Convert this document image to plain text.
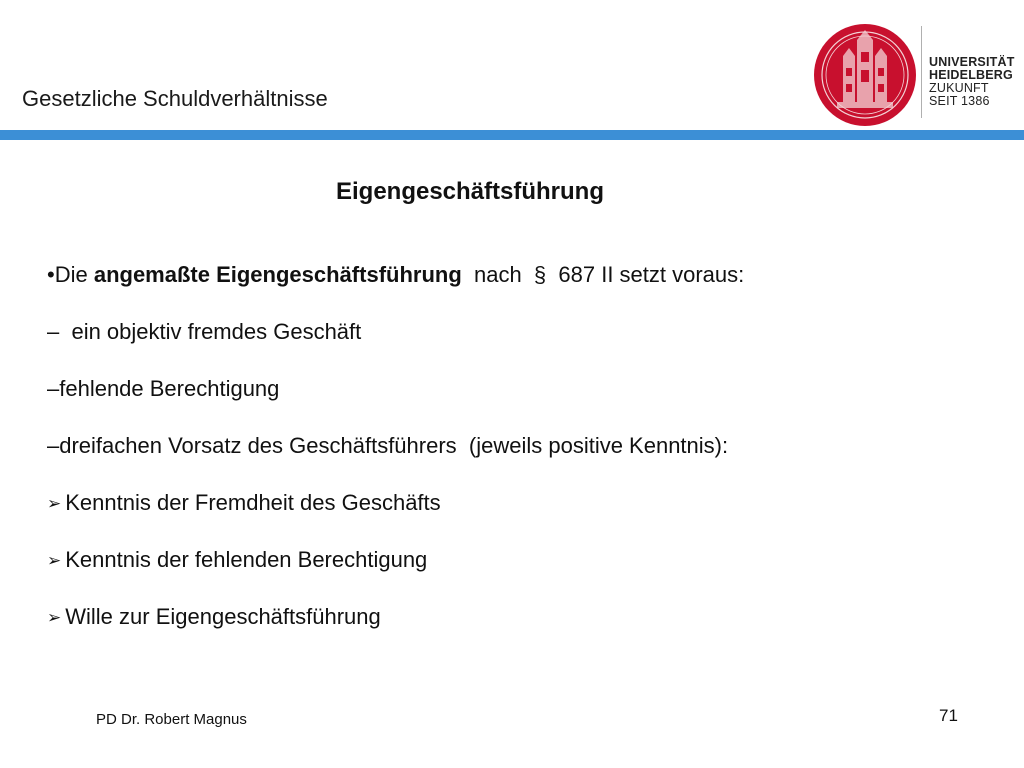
Gesetzliche Schuldverhältnisse
UNIVERSITÄT
HEIDELBERG
ZUKUNFT
SEIT 1386
Eigengeschäftsführung
•Die angemaßte Eigengeschäftsführung  nach  §  687 II setzt voraus:
–  ein objektiv fremdes Geschäft
–fehlende Berechtigung
–dreifachen Vorsatz des Geschäftsführers  (jeweils positive Kenntnis):
➢ Kenntnis der Fremdheit des Geschäfts
➢ Kenntnis der fehlenden Berechtigung
➢ Wille zur Eigengeschäftsführung
PD Dr. Robert Magnus	71
